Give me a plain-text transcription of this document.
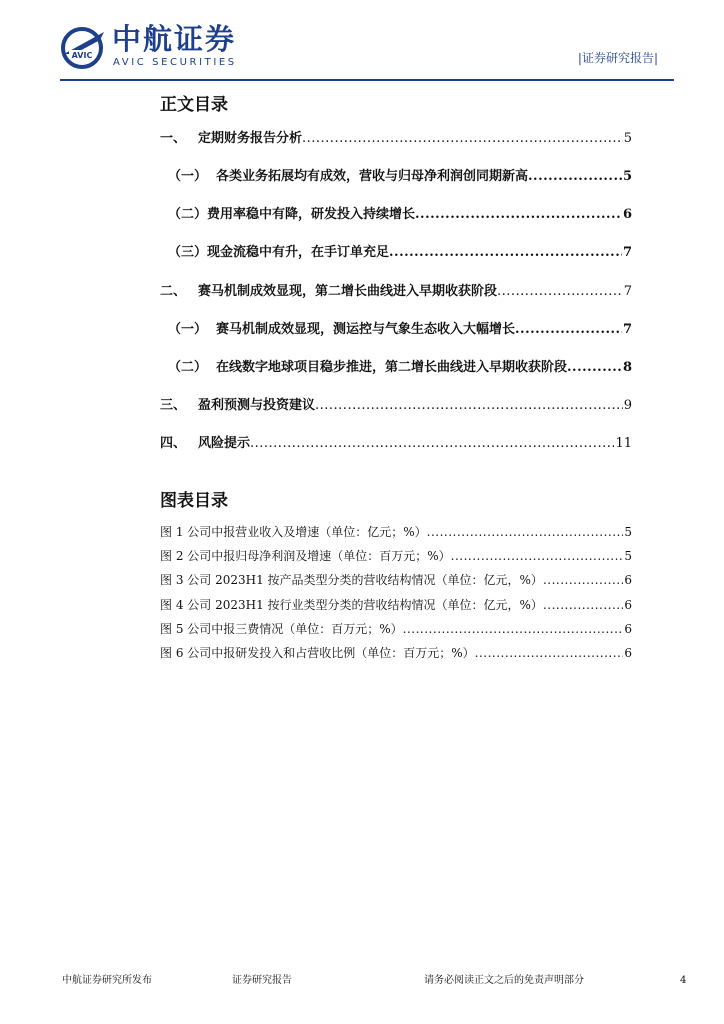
AVIC 中航证券
AVIC SECURITIES	|证券研究报告|
正文目录
一、 定期财务报告分析 .....	5
（一） 各类业务拓展均有成效，营收与归母净利润创同期新高 .....	5
（二） 费用率稳中有降，研发投入持续增长 .....	6
（三） 现金流稳中有升，在手订单充足 .....	7
二、 赛马机制成效显现，第二增长曲线进入早期收获阶段 .....	7
（一） 赛马机制成效显现，测运控与气象生态收入大幅增长 .....	7
（二） 在线数字地球项目稳步推进，第二增长曲线进入早期收获阶段 .....	8
三、 盈利预测与投资建议 .....	9
四、 风险提示 .....	11
图表目录
图 1 公司中报营业收入及增速（单位：亿元；%） .....	5
图 2 公司中报归母净利润及增速（单位：百万元；%） .....	5
图 3 公司 2023H1 按产品类型分类的营收结构情况（单位：亿元，%） .....	6
图 4 公司 2023H1 按行业类型分类的营收结构情况（单位：亿元，%） .....	6
图 5 公司中报三费情况（单位：百万元；%） .....	6
图 6 公司中报研发投入和占营收比例（单位：百万元；%） .....	6
中航证券研究所发布	证券研究报告	请务必阅读正文之后的免责声明部分	4
